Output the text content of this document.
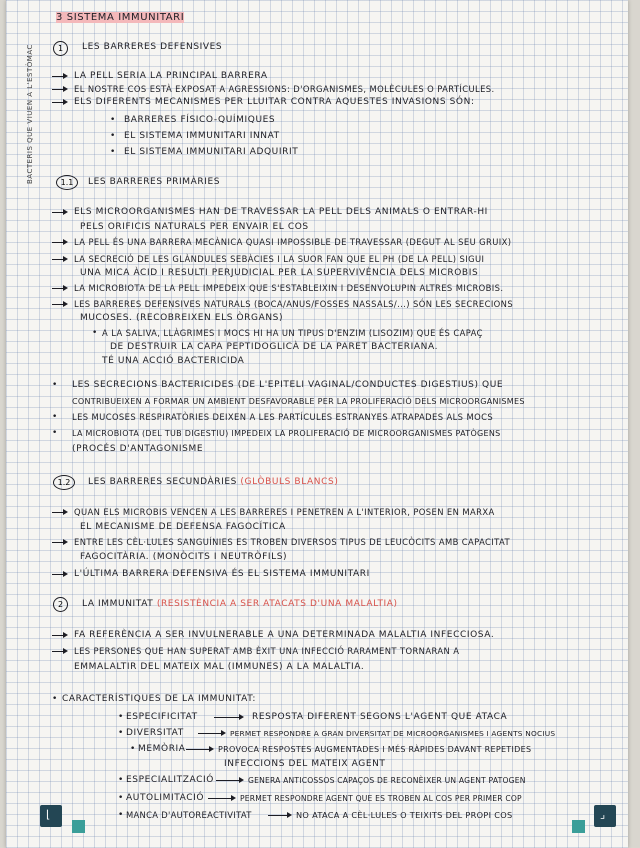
3 SISTEMA IMMUNITARI
BACTERIS QUE VIUEN A L'ESTÒMAC	1	LES BARRERES DEFENSIVES
LA PELL SERIA LA PRINCIPAL BARRERA
EL NOSTRE COS ESTÀ EXPOSAT A AGRESSIONS: D'ORGANISMES, MOLÈCULES O PARTÍCULES.
ELS DIFERENTS MECANISMES PER LLUITAR CONTRA AQUESTES INVASIONS SÓN:
• BARRERES FÍSICO-QUÍMIQUES
• EL SISTEMA IMMUNITARI INNAT
• EL SISTEMA IMMUNITARI ADQUIRIT
1.1	LES BARRERES PRIMÀRIES
ELS MICROORGANISMES HAN DE TRAVESSAR LA PELL DELS ANIMALS O ENTRAR-HI
PELS ORIFICIS NATURALS PER ENVAIR EL COS
LA PELL ÉS UNA BARRERA MECÀNICA QUASI IMPOSSIBLE DE TRAVESSAR (DEGUT AL SEU GRUIX)
LA SECRECIÓ DE LES GLÀNDULES SEBÀCIES I LA SUOR FAN QUE EL PH (DE LA PELL) SIGUI
UNA MICA ÀCID I RESULTI PERJUDICIAL PER LA SUPERVIVÈNCIA DELS MICROBIS
LA MICROBIOTA DE LA PELL IMPEDEIX QUE S'ESTABLEIXIN I DESENVOLUPIN ALTRES MICROBIS.
LES BARRERES DEFENSIVES NATURALS (BOCA/ANUS/FOSSES NASSALS/...) SÓN LES SECRECIONS
MUCOSES. (RECOBREIXEN ELS ÒRGANS)
• A LA SALIVA, LLÀGRIMES I MOCS HI HA UN TIPUS D'ENZIM (LISOZIM) QUE ÉS CAPAÇ
DE DESTRUIR LA CAPA PEPTIDOGLICÀ DE LA PARET BACTERIANA.
TÉ UNA ACCIÓ BACTERICIDA
• LES SECRECIONS BACTERICIDES (DE L'EPITELI VAGINAL/CONDUCTES DIGESTIUS) QUE
CONTRIBUEIXEN A FORMAR UN AMBIENT DESFAVORABLE PER LA PROLIFERACIÓ DELS MICROORGANISMES
• LES MUCOSES RESPIRATÒRIES DEIXEN A LES PARTÍCULES ESTRANYES ATRAPADES ALS MOCS
• LA MICROBIOTA (DEL TUB DIGESTIU) IMPEDEIX LA PROLIFERACIÓ DE MICROORGANISMES PATÒGENS
(PROCÉS D'ANTAGONISME
1.2	LES BARRERES SECUNDÀRIES (GLÒBULS BLANCS)
QUAN ELS MICROBIS VENCEN A LES BARRERES I PENETREN A L'INTERIOR, POSEN EN MARXA
EL MECANISME DE DEFENSA FAGOCÍTICA
ENTRE LES CÈL·LULES SANGUÍNIES ES TROBEN DIVERSOS TIPUS DE LEUCÒCITS AMB CAPACITAT
FAGOCITÀRIA. (MONÒCITS I NEUTRÒFILS)
L'ÚLTIMA BARRERA DEFENSIVA ÉS EL SISTEMA IMMUNITARI
2	LA IMMUNITAT (RESISTÈNCIA A SER ATACATS D'UNA MALALTIA)
FA REFERÈNCIA A SER INVULNERABLE A UNA DETERMINADA MALALTIA INFECCIOSA.
LES PERSONES QUE HAN SUPERAT AMB ÈXIT UNA INFECCIÓ RARAMENT TORNARAN A
EMMALALTIR DEL MATEIX MAL (IMMUNES) A LA MALALTIA.
• CARACTERÍSTIQUES DE LA IMMUNITAT:
• ESPECIFICITAT	RESPOSTA DIFERENT SEGONS L'AGENT QUE ATACA
• DIVERSITAT	PERMET RESPONDRE A GRAN DIVERSITAT DE MICROORGANISMES I AGENTS NOCIUS
• MEMÒRIA	PROVOCA RESPOSTES AUGMENTADES I MÉS RÀPIDES DAVANT REPETIDES
INFECCIONS DEL MATEIX AGENT
• ESPECIALITZACIÓ	GENERA ANTICOSSOS CAPAÇOS DE RECONÈIXER UN AGENT PATOGEN
• AUTOLIMITACIÓ	PERMET RESPONDRE AGENT QUE ES TROBEN AL COS PER PRIMER COP
• MANCA D'AUTOREACTIVITAT	NO ATACA A CÈL·LULES O TEIXITS DEL PROPI COS
⌊	⌟
